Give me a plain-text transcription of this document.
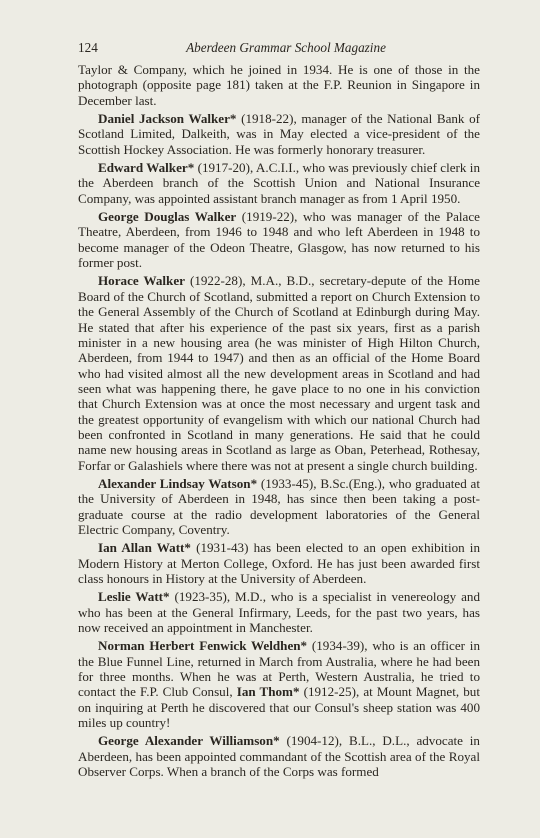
124	Aberdeen Grammar School Magazine

Taylor & Company, which he joined in 1934. He is one of those in the photograph (opposite page 181) taken at the F.P. Reunion in Singapore in December last.

Daniel Jackson Walker* (1918-22), manager of the National Bank of Scotland Limited, Dalkeith, was in May elected a vice-president of the Scottish Hockey Association. He was formerly honorary treasurer.

Edward Walker* (1917-20), A.C.I.I., who was previously chief clerk in the Aberdeen branch of the Scottish Union and National Insurance Company, was appointed assistant branch manager as from 1 April 1950.

George Douglas Walker (1919-22), who was manager of the Palace Theatre, Aberdeen, from 1946 to 1948 and who left Aberdeen in 1948 to become manager of the Odeon Theatre, Glasgow, has now returned to his former post.

Horace Walker (1922-28), M.A., B.D., secretary-depute of the Home Board of the Church of Scotland, submitted a report on Church Extension to the General Assembly of the Church of Scotland at Edinburgh during May. He stated that after his experience of the past six years, first as a parish minister in a new housing area (he was minister of High Hilton Church, Aberdeen, from 1944 to 1947) and then as an official of the Home Board who had visited almost all the new development areas in Scotland and had seen what was happening there, he gave place to no one in his conviction that Church Extension was at once the most necessary and urgent task and the greatest opportunity of evangelism with which our national Church had been confronted in Scotland in many generations. He said that he could name new housing areas in Scotland as large as Oban, Peterhead, Rothesay, Forfar or Galashiels where there was not at present a single church building.

Alexander Lindsay Watson* (1933-45), B.Sc.(Eng.), who graduated at the University of Aberdeen in 1948, has since then been taking a post-graduate course at the radio development laboratories of the General Electric Company, Coventry.

Ian Allan Watt* (1931-43) has been elected to an open exhibition in Modern History at Merton College, Oxford. He has just been awarded first class honours in History at the University of Aberdeen.

Leslie Watt* (1923-35), M.D., who is a specialist in venereology and who has been at the General Infirmary, Leeds, for the past two years, has now received an appointment in Manchester.

Norman Herbert Fenwick Weldhen* (1934-39), who is an officer in the Blue Funnel Line, returned in March from Australia, where he had been for three months. When he was at Perth, Western Australia, he tried to contact the F.P. Club Consul, Ian Thom* (1912-25), at Mount Magnet, but on inquiring at Perth he discovered that our Consul's sheep station was 400 miles up country!

George Alexander Williamson* (1904-12), B.L., D.L., advocate in Aberdeen, has been appointed commandant of the Scottish area of the Royal Observer Corps. When a branch of the Corps was formed
